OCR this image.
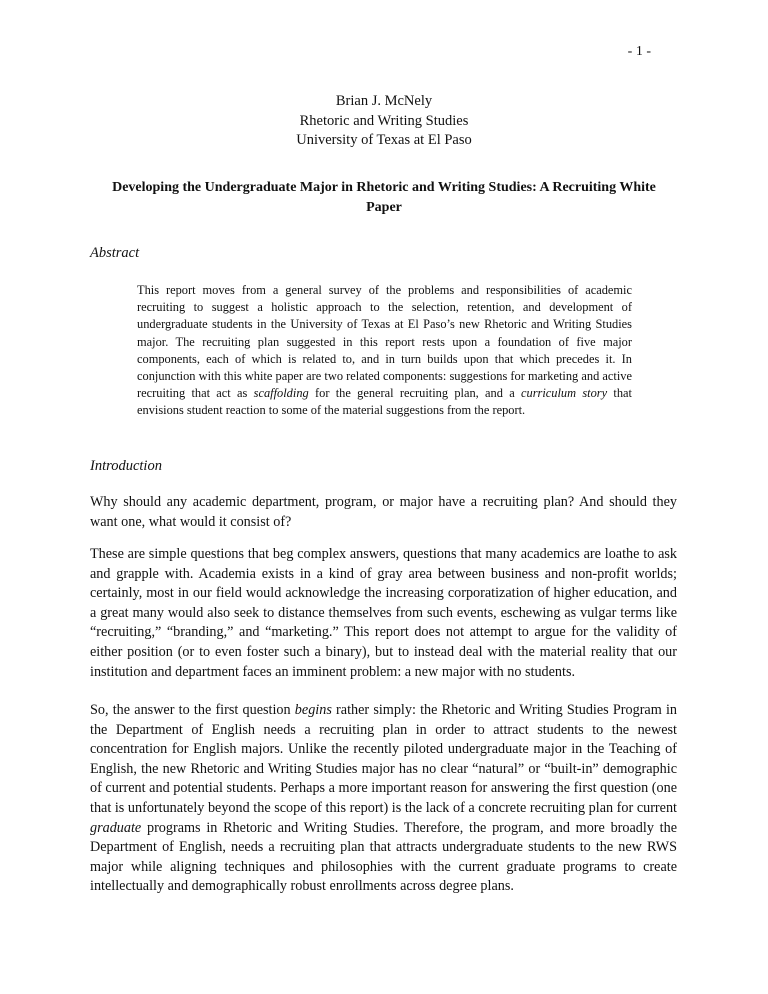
- 1 -
Brian J. McNely
Rhetoric and Writing Studies
University of Texas at El Paso
Developing the Undergraduate Major in Rhetoric and Writing Studies: A Recruiting White Paper
Abstract
This report moves from a general survey of the problems and responsibilities of academic recruiting to suggest a holistic approach to the selection, retention, and development of undergraduate students in the University of Texas at El Paso’s new Rhetoric and Writing Studies major. The recruiting plan suggested in this report rests upon a foundation of five major components, each of which is related to, and in turn builds upon that which precedes it. In conjunction with this white paper are two related components: suggestions for marketing and active recruiting that act as scaffolding for the general recruiting plan, and a curriculum story that envisions student reaction to some of the material suggestions from the report.
Introduction
Why should any academic department, program, or major have a recruiting plan? And should they want one, what would it consist of?
These are simple questions that beg complex answers, questions that many academics are loathe to ask and grapple with. Academia exists in a kind of gray area between business and non-profit worlds; certainly, most in our field would acknowledge the increasing corporatization of higher education, and a great many would also seek to distance themselves from such events, eschewing as vulgar terms like “recruiting,” “branding,” and “marketing.” This report does not attempt to argue for the validity of either position (or to even foster such a binary), but to instead deal with the material reality that our institution and department faces an imminent problem: a new major with no students.
So, the answer to the first question begins rather simply: the Rhetoric and Writing Studies Program in the Department of English needs a recruiting plan in order to attract students to the newest concentration for English majors. Unlike the recently piloted undergraduate major in the Teaching of English, the new Rhetoric and Writing Studies major has no clear “natural” or “built-in” demographic of current and potential students. Perhaps a more important reason for answering the first question (one that is unfortunately beyond the scope of this report) is the lack of a concrete recruiting plan for current graduate programs in Rhetoric and Writing Studies. Therefore, the program, and more broadly the Department of English, needs a recruiting plan that attracts undergraduate students to the new RWS major while aligning techniques and philosophies with the current graduate programs to create intellectually and demographically robust enrollments across degree plans.
